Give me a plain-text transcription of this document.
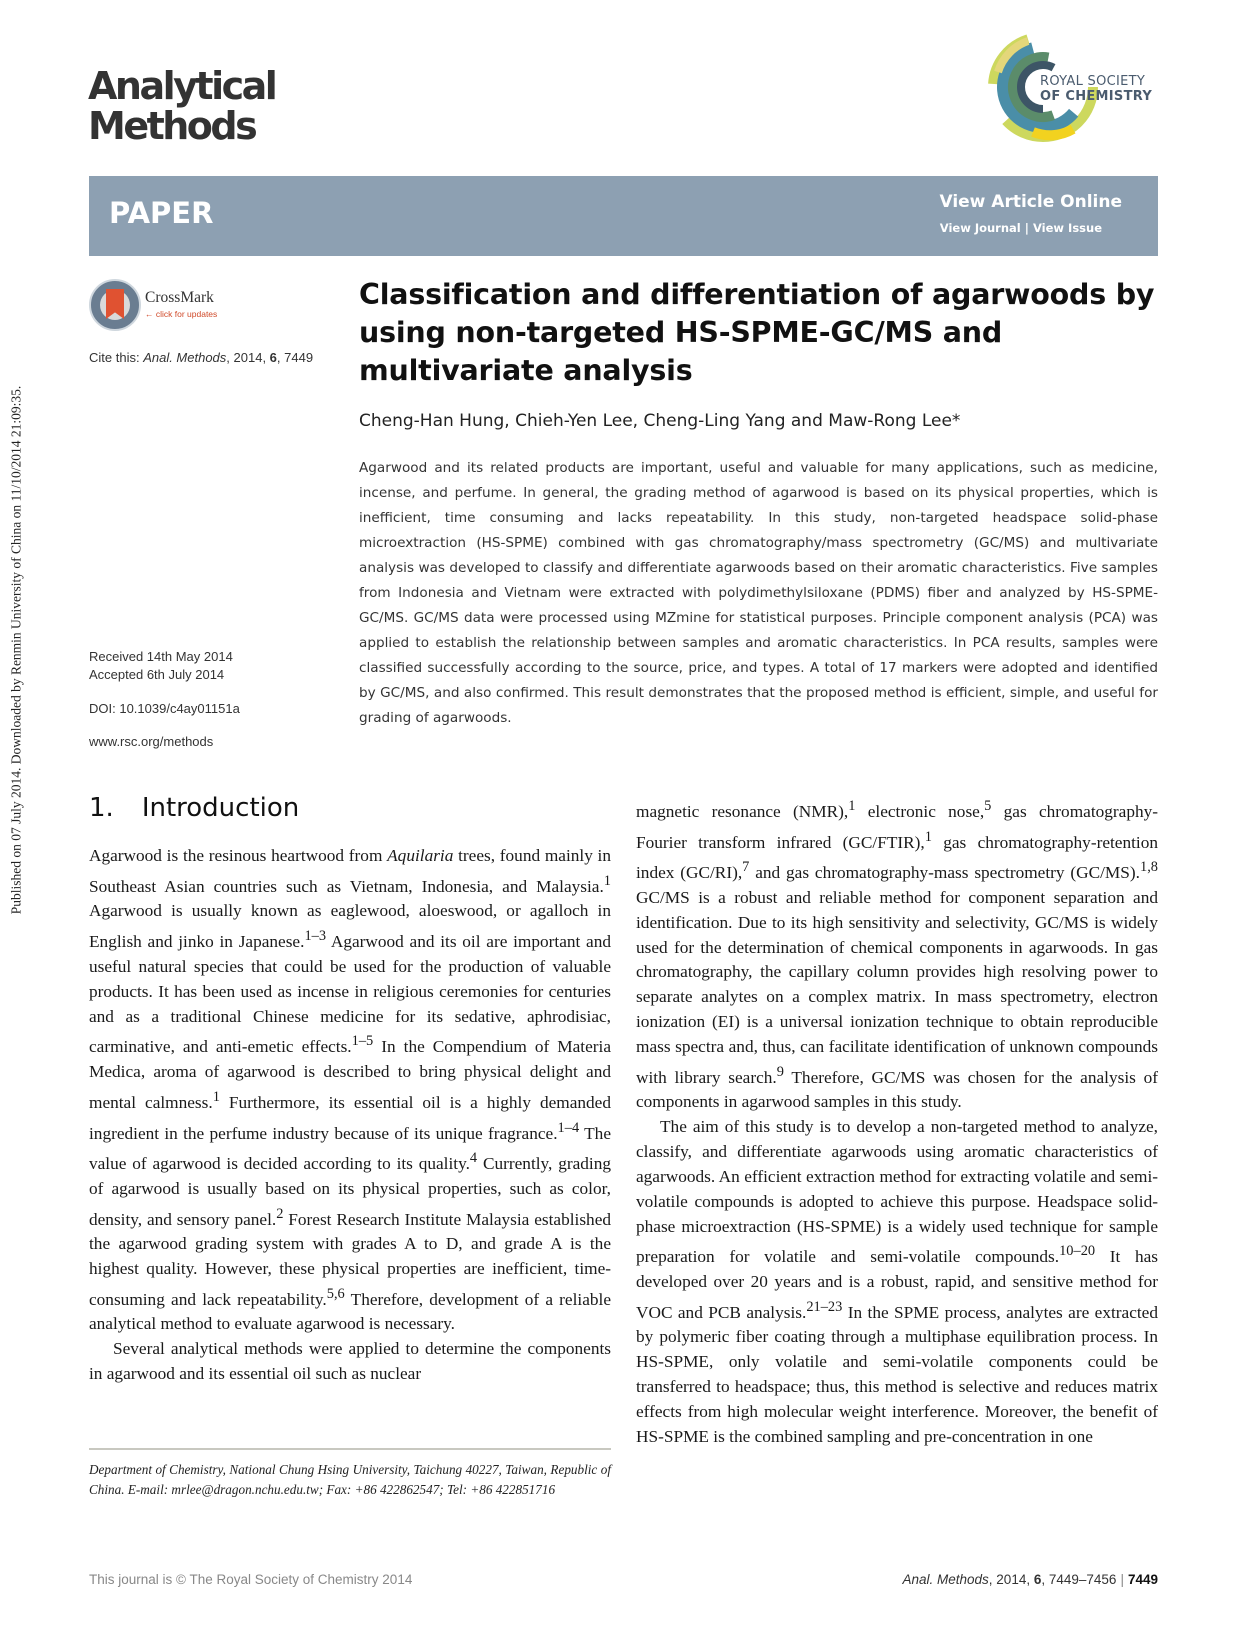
Published on 07 July 2014. Downloaded by Renmin University of China on 11/10/2014 21:09:35.
Analytical
Methods
ROYAL SOCIETY
OF CHEMISTRY
PAPER	View Article Online
View Journal | View Issue
CrossMark
← click for updates
Cite this: Anal. Methods, 2014, 6, 7449
Received 14th May 2014
Accepted 6th July 2014
DOI: 10.1039/c4ay01151a
www.rsc.org/methods
Classification and differentiation of agarwoods by using non-targeted HS-SPME-GC/MS and multivariate analysis
Cheng-Han Hung, Chieh-Yen Lee, Cheng-Ling Yang and Maw-Rong Lee*

Agarwood and its related products are important, useful and valuable for many applications, such as medicine, incense, and perfume. In general, the grading method of agarwood is based on its physical properties, which is inefficient, time consuming and lacks repeatability. In this study, non-targeted headspace solid-phase microextraction (HS-SPME) combined with gas chromatography/mass spectrometry (GC/MS) and multivariate analysis was developed to classify and differentiate agarwoods based on their aromatic characteristics. Five samples from Indonesia and Vietnam were extracted with polydimethylsiloxane (PDMS) fiber and analyzed by HS-SPME-GC/MS. GC/MS data were processed using MZmine for statistical purposes. Principle component analysis (PCA) was applied to establish the relationship between samples and aromatic characteristics. In PCA results, samples were classified successfully according to the source, price, and types. A total of 17 markers were adopted and identified by GC/MS, and also confirmed. This result demonstrates that the proposed method is efficient, simple, and useful for grading of agarwoods.

1. Introduction

Agarwood is the resinous heartwood from Aquilaria trees, found mainly in Southeast Asian countries such as Vietnam, Indonesia, and Malaysia.$^1$ Agarwood is usually known as eaglewood, aloeswood, or agalloch in English and jinko in Japanese.$^{1-3}$ Agarwood and its oil are important and useful natural species that could be used for the production of valuable products. It has been used as incense in religious ceremonies for centuries and as a traditional Chinese medicine for its sedative, aphrodisiac, carminative, and anti-emetic effects.$^{1-5}$ In the Compendium of Materia Medica, aroma of agarwood is described to bring physical delight and mental calmness.$^1$ Furthermore, its essential oil is a highly demanded ingredient in the perfume industry because of its unique fragrance.$^{1-4}$ The value of agarwood is decided according to its quality.$^4$ Currently, grading of agarwood is usually based on its physical properties, such as color, density, and sensory panel.$^2$ Forest Research Institute Malaysia established the agarwood grading system with grades A to D, and grade A is the highest quality. However, these physical properties are inefficient, time-consuming and lack repeatability.$^{5,6}$ Therefore, development of a reliable analytical method to evaluate agarwood is necessary.

Several analytical methods were applied to determine the components in agarwood and its essential oil such as nuclear

magnetic resonance (NMR),$^1$ electronic nose,$^5$ gas chromatography-Fourier transform infrared (GC/FTIR),$^1$ gas chromatography-retention index (GC/RI),$^7$ and gas chromatography-mass spectrometry (GC/MS).$^{1,8}$ GC/MS is a robust and reliable method for component separation and identification. Due to its high sensitivity and selectivity, GC/MS is widely used for the determination of chemical components in agarwoods. In gas chromatography, the capillary column provides high resolving power to separate analytes on a complex matrix. In mass spectrometry, electron ionization (EI) is a universal ionization technique to obtain reproducible mass spectra and, thus, can facilitate identification of unknown compounds with library search.$^9$ Therefore, GC/MS was chosen for the analysis of components in agarwood samples in this study.

The aim of this study is to develop a non-targeted method to analyze, classify, and differentiate agarwoods using aromatic characteristics of agarwoods. An efficient extraction method for extracting volatile and semi-volatile compounds is adopted to achieve this purpose. Headspace solid-phase microextraction (HS-SPME) is a widely used technique for sample preparation for volatile and semi-volatile compounds.$^{10-20}$ It has developed over 20 years and is a robust, rapid, and sensitive method for VOC and PCB analysis.$^{21-23}$ In the SPME process, analytes are extracted by polymeric fiber coating through a multiphase equilibration process. In HS-SPME, only volatile and semi-volatile components could be transferred to headspace; thus, this method is selective and reduces matrix effects from high molecular weight interference. Moreover, the benefit of HS-SPME is the combined sampling and pre-concentration in one

Department of Chemistry, National Chung Hsing University, Taichung 40227, Taiwan, Republic of China. E-mail: mrlee@dragon.nchu.edu.tw; Fax: +86 422862547; Tel: +86 422851716

This journal is © The Royal Society of Chemistry 2014	Anal. Methods, 2014, 6, 7449–7456 | 7449
